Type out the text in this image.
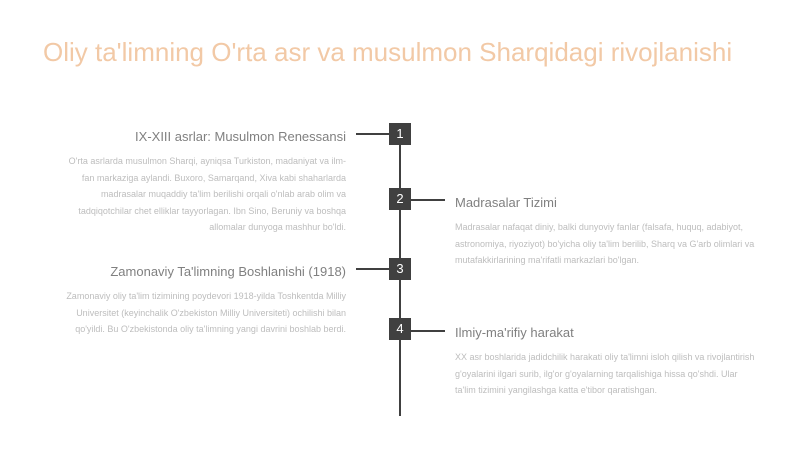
Oliy ta'limning O'rta asr va musulmon Sharqidagi rivojlanishi
1

IX-XIII asrlar: Musulmon Renessansi

O'rta asrlarda musulmon Sharqi, ayniqsa Turkiston, madaniyat va ilm-fan markaziga aylandi. Buxoro, Samarqand, Xiva kabi shaharlarda madrasalar muqaddiy ta'lim berilishi orqali o'nlab arab olim va tadqiqotchilar chet elliklar tayyorlagan. Ibn Sino, Beruniy va boshqa allomalar dunyoga mashhur bo'ldi.

2	Madrasalar Tizimi

Madrasalar nafaqat diniy, balki dunyoviy fanlar (falsafa, huquq, adabiyot, astronomiya, riyoziyot) bo'yicha oliy ta'lim berilib, Sharq va G'arb olimlari va mutafakkirlarining ma'rifatli markazlari bo'lgan.

3

Zamonaviy Ta'limning Boshlanishi (1918)

Zamonaviy oliy ta'lim tizimining poydevori 1918-yilda Toshkentda Milliy Universitet (keyinchalik O'zbekiston Milliy Universiteti) ochilishi bilan qo'yildi. Bu O'zbekistonda oliy ta'limning yangi davrini boshlab berdi.	4	Ilmiy-ma'rifiy harakat

XX asr boshlarida jadidchilik harakati oliy ta'limni isloh qilish va rivojlantirish g'oyalarini ilgari surib, ilg'or g'oyalarning tarqalishiga hissa qo'shdi. Ular ta'lim tizimini yangilashga katta e'tibor qaratishgan.
